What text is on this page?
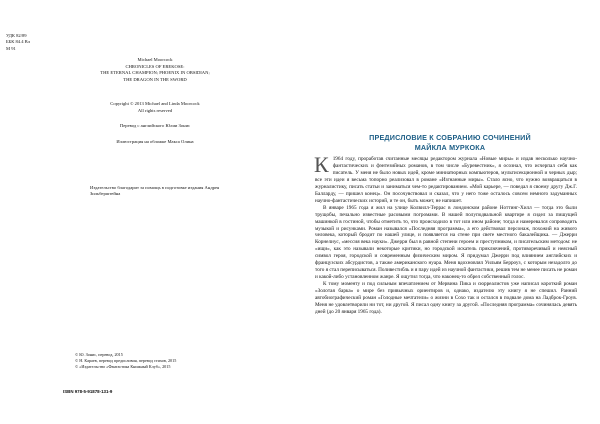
УДК 82/89
ББК 84.4 Вл
М 91
Michael Moorcock
CHRONICLES OF EREKOSE:
THE ETERNAL CHAMPION; PHOENIX IN OBSIDIAN;
THE DRAGON IN THE SWORD
Copyright © 2013 Michael and Linda Moorcock
All rights reserved
Перевод с английского Юлии Зонис
Иллюстрация на обложке Макса Олина
Издательство благодарит за помощь в подготовке издания Андрея Зильберштейна
© Ю. Зонис, перевод, 2015
© Н. Караев, перевод предисловия, перевод стихов, 2015
© «Издательство «Фантастика Книжный Клуб», 2015
ISBN 978-5-91878-131-9
ПРЕДИСЛОВИЕ К СОБРАНИЮ СОЧИНЕНИЙ
МАЙКЛА МУРКОКА

К 1964 году, проработав считанные месяцы редактором журнала «Новые миры» и издав несколько научно-фантастических и фэнтезийных романов, в том числе «Буревестник», я осознал, что исчерпал себя как писатель. У меня не было новых идей, кроме миниатюрных компьютеров, мультисекционной и черных дыр; все эти идеи я весьма топорно реализовал в романе «Изгнанные миры». Стало ясно, что нужно возвращаться в журналистику, писать статьи и заниматься чем-то редактированием. «Мой карьере, — поведал я своему другу Дж.Г. Балларду, — пришел конец». Он посочувствовал и сказал, что у него тоже осталось совсем немного задуманных научно-фантастических историй, и те он, быть может, не напишет.

В январе 1965 года я жил на улице Колвилл-Террас в лондонском районе Ноттинг-Хилл — тогда это были трущобы, печально известные расовыми погромами. В нашей полуподвальной квартире я сидел за пишущей машинкой в гостиной, чтобы отметить то, что происходило в тот или ином районе; тогда я намеревался сопроводить музыкой и рисунками. Роман назывался «Последняя программа», а его действовал персонаж, похожий на живого человека, который бродит по нашей улице, и появляется на стене при свете местного бакалейщика. — Джерри Корнелиус, «мессия века науки». Джерри был в равной степени героем и преступником, и писательским методом: не «ищи», как это называли некоторые критики, но городской искатель приключений, противоречивый и неясный символ героя, городской и современным физическим миром. Я придумал Джерри под влиянием английских и французских абсурдистов, а также американского нуара. Меня вдохновлял Уильям Берроуз, с которым незадолго до того я стал переписываться. Поливестибль и я пару идей из научной фантастики, решив тем не менее писать не роман и какой-либо установленном жанре. Я ощутил тогда, что наконец-то обрел собственный голос.

К тому моменту и под сильным впечатлением от Мервина Пика и сюрреалистов уже написал короткий роман «Золотая барка» о мире без привычных ориентиров и, однако, издателю эту книгу я не спешил. Ранний автобиографический роман «Голодные мечтатели» о жизни в Сохо так и остался в подвале дома на Ладброк-Гроув. Меня не удовлетворили ни тот, ни другой. Я писал одну книгу за другой. «Последняя программа» сочинялась девять дней (до 20 января 1965 года).
